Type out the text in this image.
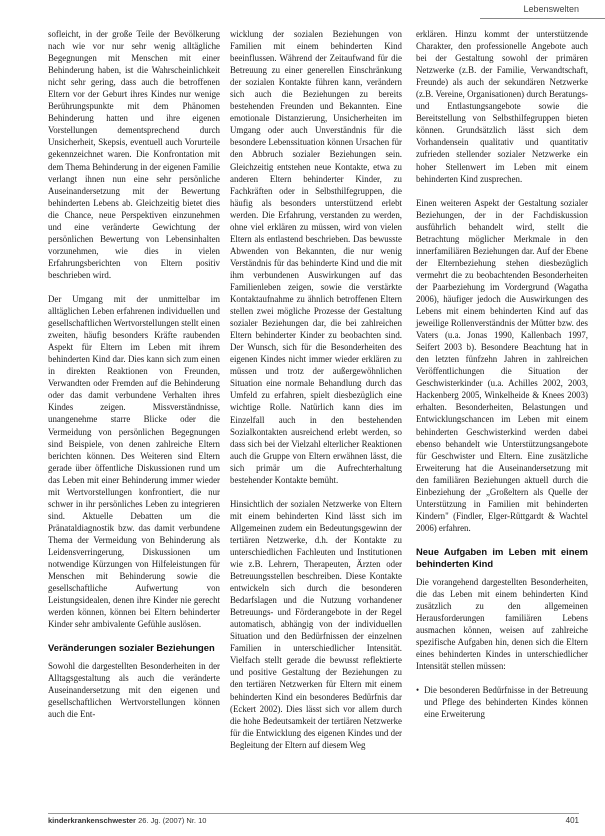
Lebenswelten

sofleicht, in der große Teile der Bevölkerung nach wie vor nur sehr wenig alltägliche Begegnungen mit Menschen mit einer Behinderung haben, ist die Wahrscheinlichkeit nicht sehr gering, dass auch die betroffenen Eltern vor der Geburt ihres Kindes nur wenige Berührungspunkte mit dem Phänomen Behinderung hatten und ihre eigenen Vorstellungen dementsprechend durch Unsicherheit, Skepsis, eventuell auch Vorurteile gekennzeichnet waren. Die Konfrontation mit dem Thema Behinderung in der eigenen Familie verlangt ihnen nun eine sehr persönliche Auseinandersetzung mit der Bewertung behinderten Lebens ab. Gleichzeitig bietet dies die Chance, neue Perspektiven einzunehmen und eine veränderte Gewichtung der persönlichen Bewertung von Lebensinhalten vorzunehmen, wie dies in vielen Erfahrungsberichten von Eltern positiv beschrieben wird.

Der Umgang mit der unmittelbar im alltäglichen Leben erfahrenen individuellen und gesellschaftlichen Wertvorstellungen stellt einen zweiten, häufig besonders Kräfte raubenden Aspekt für Eltern im Leben mit ihrem behinderten Kind dar. Dies kann sich zum einen in direkten Reaktionen von Freunden, Verwandten oder Fremden auf die Behinderung oder das damit verbundene Verhalten ihres Kindes zeigen. Missverständnisse, unangenehme starre Blicke oder die Vermeidung von persönlichen Begegnungen sind Beispiele, von denen zahlreiche Eltern berichten können. Des Weiteren sind Eltern gerade über öffentliche Diskussionen rund um das Leben mit einer Behinderung immer wieder mit Wertvorstellungen konfrontiert, die nur schwer in ihr persönliches Leben zu integrieren sind. Aktuelle Debatten um die Pränataldiagnostik bzw. das damit verbundene Thema der Vermeidung von Behinderung als Leidensverringerung, Diskussionen um notwendige Kürzungen von Hilfeleistungen für Menschen mit Behinderung sowie die gesellschaftliche Aufwertung von Leistungsidealen, denen ihre Kinder nie gerecht werden können, können bei Eltern behinderter Kinder sehr ambivalente Gefühle auslösen.

Veränderungen sozialer Beziehungen

Sowohl die dargestellten Besonderheiten in der Alltagsgestaltung als auch die veränderte Auseinandersetzung mit den eigenen und gesellschaftlichen Wertvorstellungen können auch die Ent-

wicklung der sozialen Beziehungen von Familien mit einem behinderten Kind beeinflussen. Während der Zeitaufwand für die Betreuung zu einer generellen Einschränkung der sozialen Kontakte führen kann, verändern sich auch die Beziehungen zu bereits bestehenden Freunden und Bekannten. Eine emotionale Distanzierung, Unsicherheiten im Umgang oder auch Unverständnis für die besondere Lebenssituation können Ursachen für den Abbruch sozialer Beziehungen sein. Gleichzeitig entstehen neue Kontakte, etwa zu anderen Eltern behinderter Kinder, zu Fachkräften oder in Selbsthilfegruppen, die häufig als besonders unterstützend erlebt werden. Die Erfahrung, verstanden zu werden, ohne viel erklären zu müssen, wird von vielen Eltern als entlastend beschrieben. Das bewusste Abwenden von Bekannten, die nur wenig Verständnis für das behinderte Kind und die mit ihm verbundenen Auswirkungen auf das Familienleben zeigen, sowie die verstärkte Kontaktaufnahme zu ähnlich betroffenen Eltern stellen zwei mögliche Prozesse der Gestaltung sozialer Beziehungen dar, die bei zahlreichen Eltern behinderter Kinder zu beobachten sind. Der Wunsch, sich für die Besonderheiten des eigenen Kindes nicht immer wieder erklären zu müssen und trotz der außergewöhnlichen Situation eine normale Behandlung durch das Umfeld zu erfahren, spielt diesbezüglich eine wichtige Rolle. Natürlich kann dies im Einzelfall auch in den bestehenden Sozialkontakten ausreichend erlebt werden, so dass sich bei der Vielzahl elterlicher Reaktionen auch die Gruppe von Eltern erwähnen lässt, die sich primär um die Aufrechterhaltung bestehender Kontakte bemüht.

Hinsichtlich der sozialen Netzwerke von Eltern mit einem behinderten Kind lässt sich im Allgemeinen zudem ein Bedeutungsgewinn der tertiären Netzwerke, d.h. der Kontakte zu unterschiedlichen Fachleuten und Institutionen wie z.B. Lehrern, Therapeuten, Ärzten oder Betreuungsstellen beschreiben. Diese Kontakte entwickeln sich durch die besonderen Bedarfslagen und die Nutzung vorhandener Betreuungs- und Förderangebote in der Regel automatisch, abhängig von der individuellen Situation und den Bedürfnissen der einzelnen Familien in unterschiedlicher Intensität. Vielfach stellt gerade die bewusst reflektierte und positive Gestaltung der Beziehungen zu den tertiären Netzwerken für Eltern mit einem behinderten Kind ein besonderes Bedürfnis dar (Eckert 2002). Dies lässt sich vor allem durch die hohe Bedeutsamkeit der tertiären Netzwerke für die Entwicklung des eigenen Kindes und der Begleitung der Eltern auf diesem Weg

erklären. Hinzu kommt der unterstützende Charakter, den professionelle Angebote auch bei der Gestaltung sowohl der primären Netzwerke (z.B. der Familie, Verwandtschaft, Freunde) als auch der sekundären Netzwerke (z.B. Vereine, Organisationen) durch Beratungs- und Entlastungsangebote sowie die Bereitstellung von Selbsthilfegruppen bieten können. Grundsätzlich lässt sich dem Vorhandensein qualitativ und quantitativ zufrieden stellender sozialer Netzwerke ein hoher Stellenwert im Leben mit einem behinderten Kind zusprechen.

Einen weiteren Aspekt der Gestaltung sozialer Beziehungen, der in der Fachdiskussion ausführlich behandelt wird, stellt die Betrachtung möglicher Merkmale in den innerfamiliären Beziehungen dar. Auf der Ebene der Elternbeziehung stehen diesbezüglich vermehrt die zu beobachtenden Besonderheiten der Paarbeziehung im Vordergrund (Wagatha 2006), häufiger jedoch die Auswirkungen des Lebens mit einem behinderten Kind auf das jeweilige Rollenverständnis der Mütter bzw. des Vaters (u.a. Jonas 1990, Kallenbach 1997, Seifert 2003 b). Besondere Beachtung hat in den letzten fünfzehn Jahren in zahlreichen Veröffentlichungen die Situation der Geschwisterkinder (u.a. Achilles 2002, 2003, Hackenberg 2005, Winkelheide & Knees 2003) erhalten. Besonderheiten, Belastungen und Entwicklungschancen im Leben mit einem behinderten Geschwisterkind werden dabei ebenso behandelt wie Unterstützungsangebote für Geschwister und Eltern. Eine zusätzliche Erweiterung hat die Auseinandersetzung mit den familiären Beziehungen aktuell durch die Einbeziehung der „Großeltern als Quelle der Unterstützung in Familien mit behinderten Kindern" (Findler, Elger-Rüttgardt & Wachtel 2006) erfahren.

Neue Aufgaben im Leben mit einem behinderten Kind

Die vorangehend dargestellten Besonderheiten, die das Leben mit einem behinderten Kind zusätzlich zu den allgemeinen Herausforderungen familiären Lebens ausmachen können, weisen auf zahlreiche spezifische Aufgaben hin, denen sich die Eltern eines behinderten Kindes in unterschiedlicher Intensität stellen müssen:

• Die besonderen Bedürfnisse in der Betreuung und Pflege des behinderten Kindes können eine Erweiterung
kinderkrankenschwester 26. Jg. (2007) Nr. 10	401
